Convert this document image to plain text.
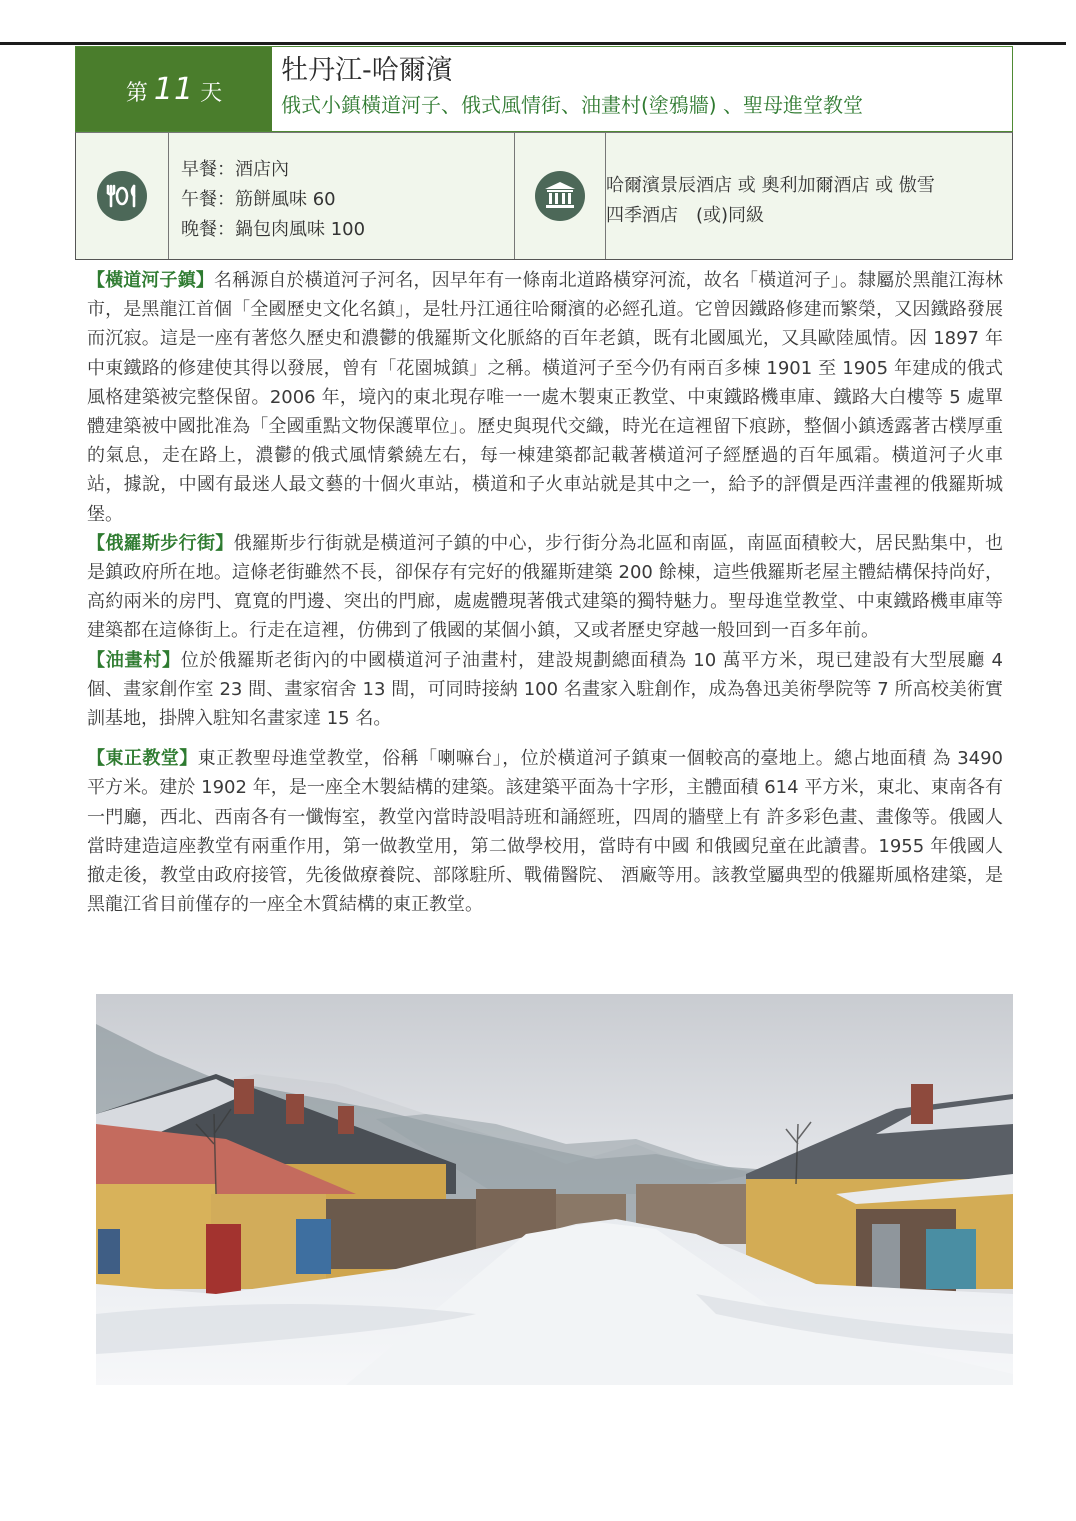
第 11 天
牡丹江-哈爾濱
俄式小鎮橫道河子、俄式風情街、油畫村(塗鴉牆) 、聖母進堂教堂
早餐：酒店內
午餐：筋餅風味 60
晚餐：鍋包肉風味 100
哈爾濱景辰酒店 或 奧利加爾酒店 或 傲雪
四季酒店　(或)同級

【橫道河子鎮】名稱源自於橫道河子河名，因早年有一條南北道路橫穿河流，故名「橫道河子」。隸屬於黑龍江海林市，是黑龍江首個「全國歷史文化名鎮」，是牡丹江通往哈爾濱的必經孔道。它曾因鐵路修建而繁榮，又因鐵路發展而沉寂。這是一座有著悠久歷史和濃鬱的俄羅斯文化脈絡的百年老鎮，既有北國風光，又具歐陸風情。因 1897 年中東鐵路的修建使其得以發展，曾有「花園城鎮」之稱。橫道河子至今仍有兩百多棟 1901 至 1905 年建成的俄式風格建築被完整保留。2006 年，境內的東北現存唯一一處木製東正教堂、中東鐵路機車庫、鐵路大白樓等 5 處單體建築被中國批准為「全國重點文物保護單位」。歷史與現代交織，時光在這裡留下痕跡，整個小鎮透露著古樸厚重的氣息，走在路上，濃鬱的俄式風情縈繞左右，每一棟建築都記載著橫道河子經歷過的百年風霜。橫道河子火車站，據說，中國有最迷人最文藝的十個火車站，橫道和子火車站就是其中之一，給予的評價是西洋畫裡的俄羅斯城堡。

【俄羅斯步行街】俄羅斯步行街就是橫道河子鎮的中心，步行街分為北區和南區，南區面積較大，居民點集中，也是鎮政府所在地。這條老街雖然不長，卻保存有完好的俄羅斯建築 200 餘棟，這些俄羅斯老屋主體結構保持尚好，高約兩米的房門、寬寬的門邊、突出的門廊，處處體現著俄式建築的獨特魅力。聖母進堂教堂、中東鐵路機車庫等建築都在這條街上。行走在這裡，仿佛到了俄國的某個小鎮，又或者歷史穿越一般回到一百多年前。

【油畫村】位於俄羅斯老街內的中國橫道河子油畫村，建設規劃總面積為 10 萬平方米，現已建設有大型展廳 4 個、畫家創作室 23 間、畫家宿舍 13 間，可同時接納 100 名畫家入駐創作，成為魯迅美術學院等 7 所高校美術實訓基地，掛牌入駐知名畫家達 15 名。

【東正教堂】東正教聖母進堂教堂，俗稱「喇嘛台」，位於橫道河子鎮東一個較高的臺地上。總占地面積 為 3490 平方米。建於 1902 年，是一座全木製結構的建築。該建築平面為十字形，主體面積 614 平方米，東北、東南各有一門廳，西北、西南各有一懺悔室，教堂內當時設唱詩班和誦經班，四周的牆壁上有 許多彩色畫、畫像等。俄國人當時建造這座教堂有兩重作用，第一做教堂用，第二做學校用，當時有中國 和俄國兒童在此讀書。1955 年俄國人撤走後，教堂由政府接管，先後做療養院、部隊駐所、戰備醫院、 酒廠等用。該教堂屬典型的俄羅斯風格建築，是黑龍江省目前僅存的一座全木質結構的東正教堂。
